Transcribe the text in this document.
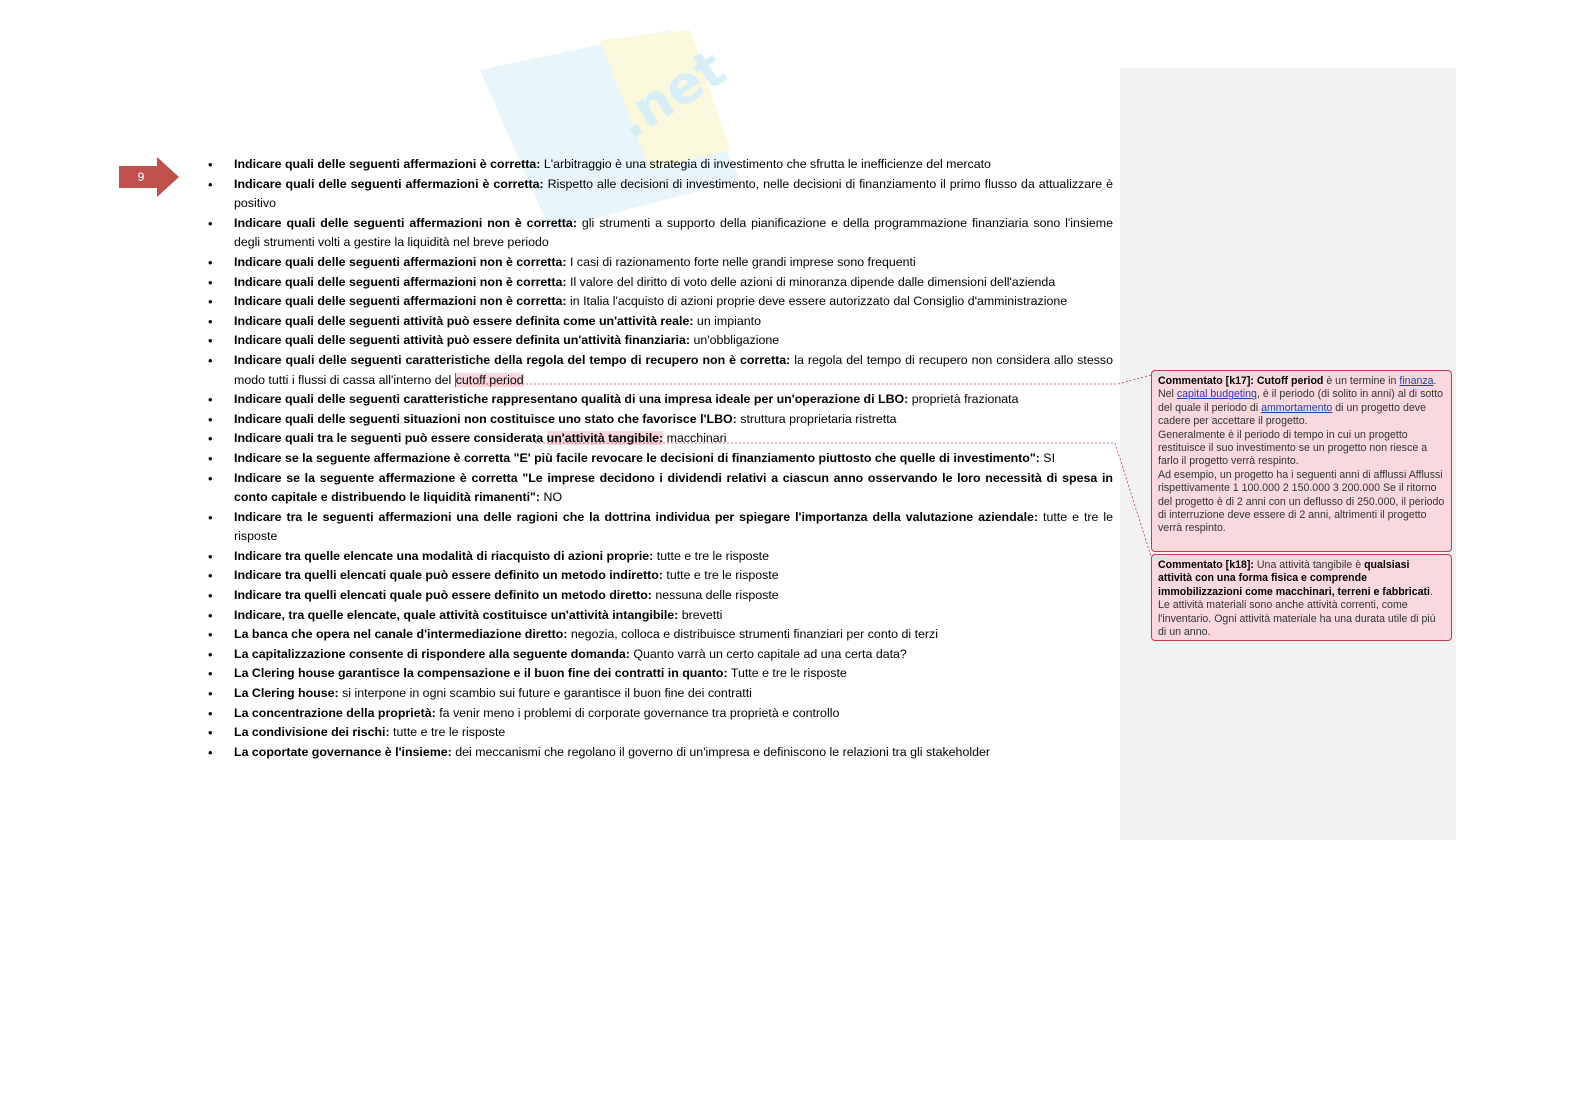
.net
9
• Indicare quali delle seguenti affermazioni è corretta: L'arbitraggio è una strategia di investimento che sfrutta le inefficienze del mercato
• Indicare quali delle seguenti affermazioni è corretta: Rispetto alle decisioni di investimento, nelle decisioni di finanziamento il primo flusso da attualizzare è positivo
• Indicare quali delle seguenti affermazioni non è corretta: gli strumenti a supporto della pianificazione e della programmazione finanziaria sono l'insieme degli strumenti volti a gestire la liquidità nel breve periodo
• Indicare quali delle seguenti affermazioni non è corretta: I casi di razionamento forte nelle grandi imprese sono frequenti
• Indicare quali delle seguenti affermazioni non è corretta: Il valore del diritto di voto delle azioni di minoranza dipende dalle dimensioni dell'azienda
• Indicare quali delle seguenti affermazioni non è corretta: in Italia l'acquisto di azioni proprie deve essere autorizzato dal Consiglio d'amministrazione
• Indicare quali delle seguenti attività può essere definita come un'attività reale: un impianto
• Indicare quali delle seguenti attività può essere definita un'attività finanziaria: un'obbligazione
• Indicare quali delle seguenti caratteristiche della regola del tempo di recupero non è corretta: la regola del tempo di recupero non considera allo stesso modo tutti i flussi di cassa all'interno del cutoff period
• Indicare quali delle seguenti caratteristiche rappresentano qualità di una impresa ideale per un'operazione di LBO: proprietà frazionata
• Indicare quali delle seguenti situazioni non costituisce uno stato che favorisce l'LBO: struttura proprietaria ristretta
• Indicare quali tra le seguenti può essere considerata un'attività tangibile: macchinari
• Indicare se la seguente affermazione è corretta "E' più facile revocare le decisioni di finanziamento piuttosto che quelle di investimento": SI
• Indicare se la seguente affermazione è corretta "Le imprese decidono i dividendi relativi a ciascun anno osservando le loro necessità di spesa in conto capitale e distribuendo le liquidità rimanenti": NO
• Indicare tra le seguenti affermazioni una delle ragioni che la dottrina individua per spiegare l'importanza della valutazione aziendale: tutte e tre le risposte
• Indicare tra quelle elencate una modalità di riacquisto di azioni proprie: tutte e tre le risposte
• Indicare tra quelli elencati quale può essere definito un metodo indiretto: tutte e tre le risposte
• Indicare tra quelli elencati quale può essere definito un metodo diretto: nessuna delle risposte
• Indicare, tra quelle elencate, quale attività costituisce un'attività intangibile: brevetti
• La banca che opera nel canale d'intermediazione diretto: negozia, colloca e distribuisce strumenti finanziari per conto di terzi
• La capitalizzazione consente di rispondere alla seguente domanda: Quanto varrà un certo capitale ad una certa data?
• La Clering house garantisce la compensazione e il buon fine dei contratti in quanto: Tutte e tre le risposte
• La Clering house: si interpone in ogni scambio sui future e garantisce il buon fine dei contratti
• La concentrazione della proprietà: fa venir meno i problemi di corporate governance tra proprietà e controllo
• La condivisione dei rischi: tutte e tre le risposte
• La coportate governance è l'insieme: dei meccanismi che regolano il governo di un'impresa e definiscono le relazioni tra gli stakeholder
Commentato [k17]: Cutoff period è un termine in finanza. Nel capital budgeting, è il periodo (di solito in anni) al di sotto del quale il periodo di ammortamento di un progetto deve cadere per accettare il progetto.
Generalmente è il periodo di tempo in cui un progetto restituisce il suo investimento se un progetto non riesce a farlo il progetto verrà respinto.
Ad esempio, un progetto ha i seguenti anni di afflussi Afflussi rispettivamente 1 100.000 2 150.000 3 200.000 Se il ritorno del progetto è di 2 anni con un deflusso di 250.000, il periodo di interruzione deve essere di 2 anni, altrimenti il progetto verrà respinto.
Commentato [k18]: Una attività tangibile è qualsiasi attività con una forma fisica e comprende immobilizzazioni come macchinari, terreni e fabbricati. Le attività materiali sono anche attività correnti, come l'inventario. Ogni attività materiale ha una durata utile di più di un anno.
